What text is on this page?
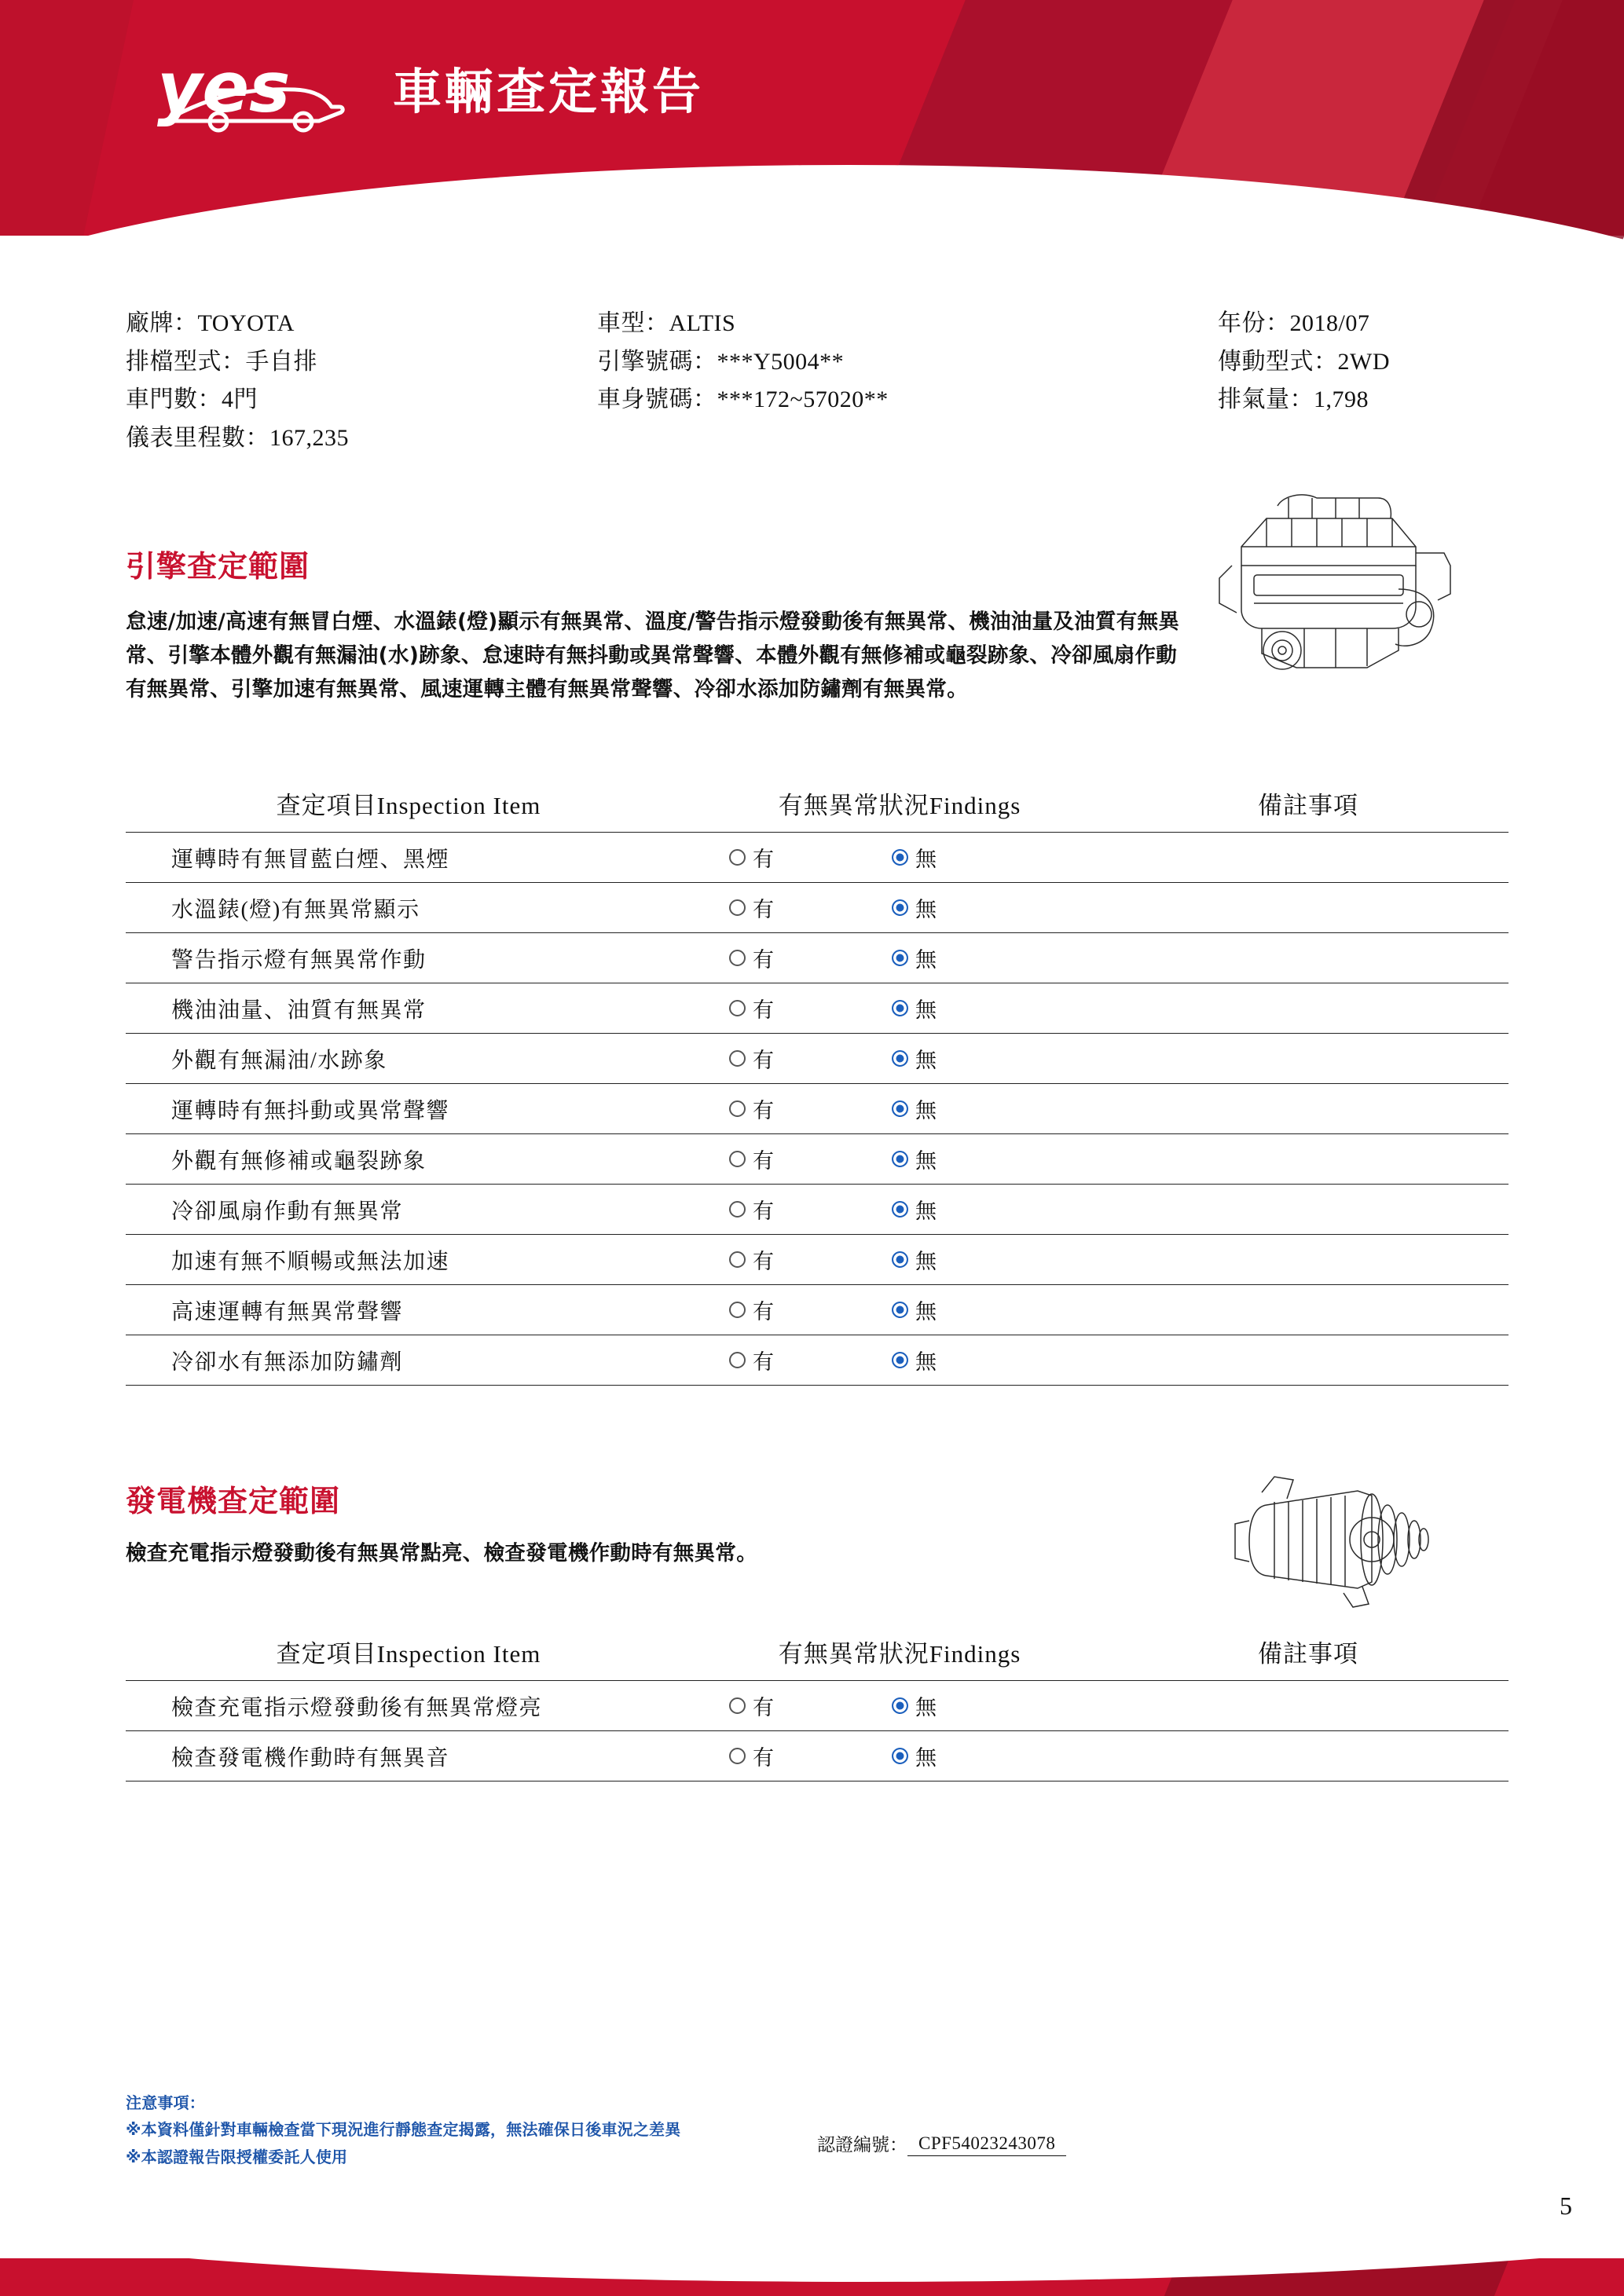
yes 車輛查定報告
廠牌：TOYOTA	車型：ALTIS	年份：2018/07
排檔型式：手自排	引擎號碼：***Y5004**	傳動型式：2WD
車門數：4門	車身號碼：***172~57020**	排氣量：1,798
儀表里程數：167,235
引擎查定範圍
怠速/加速/高速有無冒白煙、水溫錶(燈)顯示有無異常、溫度/警告指示燈發動後有無異常、機油油量及油質有無異常、引擎本體外觀有無漏油(水)跡象、怠速時有無抖動或異常聲響、本體外觀有無修補或龜裂跡象、冷卻風扇作動有無異常、引擎加速有無異常、風速運轉主體有無異常聲響、冷卻水添加防鏽劑有無異常。
查定項目Inspection Item	有無異常狀況Findings	備註事項
運轉時有無冒藍白煙、黑煙	有	無
水溫錶(燈)有無異常顯示	有	無
警告指示燈有無異常作動	有	無
機油油量、油質有無異常	有	無
外觀有無漏油/水跡象	有	無
運轉時有無抖動或異常聲響	有	無
外觀有無修補或龜裂跡象	有	無
冷卻風扇作動有無異常	有	無
加速有無不順暢或無法加速	有	無
高速運轉有無異常聲響	有	無
冷卻水有無添加防鏽劑	有	無
發電機查定範圍
檢查充電指示燈發動後有無異常點亮、檢查發電機作動時有無異常。
查定項目Inspection Item	有無異常狀況Findings	備註事項
檢查充電指示燈發動後有無異常燈亮	有	無
檢查發電機作動時有無異音	有	無
注意事項：
※本資料僅針對車輛檢查當下現況進行靜態查定揭露，無法確保日後車況之差異
※本認證報告限授權委託人使用
認證編號： CPF54023243078
5
